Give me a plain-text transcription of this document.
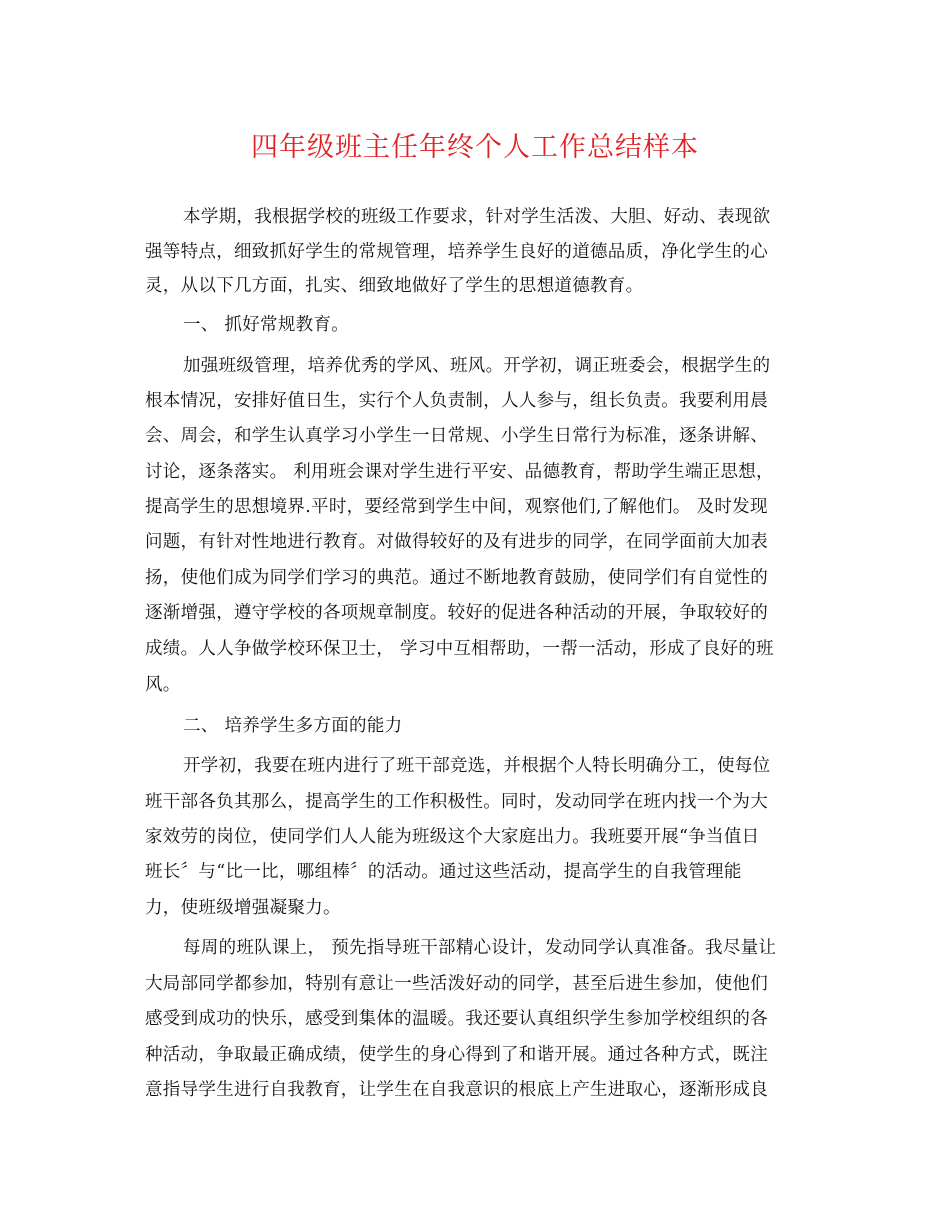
四年级班主任年终个人工作总结样本
本学期，我根据学校的班级工作要求，针对学生活泼、大胆、好动、表现欲
强等特点，细致抓好学生的常规管理，培养学生良好的道德品质，净化学生的心
灵，从以下几方面，扎实、细致地做好了学生的思想道德教育。
一、 抓好常规教育。
加强班级管理，培养优秀的学风、班风。开学初，调正班委会，根据学生的
根本情况，安排好值日生，实行个人负责制，人人参与，组长负责。我要利用晨
会、周会，和学生认真学习小学生一日常规、小学生日常行为标准，逐条讲解、
讨论，逐条落实。 利用班会课对学生进行平安、品德教育，帮助学生端正思想，
提高学生的思想境界.平时，要经常到学生中间，观察他们,了解他们。 及时发现
问题，有针对性地进行教育。对做得较好的及有进步的同学，在同学面前大加表
扬，使他们成为同学们学习的典范。通过不断地教育鼓励，使同学们有自觉性的
逐渐增强，遵守学校的各项规章制度。较好的促进各种活动的开展，争取较好的
成绩。人人争做学校环保卫士， 学习中互相帮助，一帮一活动，形成了良好的班
风。
二、 培养学生多方面的能力
开学初，我要在班内进行了班干部竞选，并根据个人特长明确分工，使每位
班干部各负其那么，提高学生的工作积极性。同时，发动同学在班内找一个为大
家效劳的岗位，使同学们人人能为班级这个大家庭出力。我班要开展“争当值日
班长〞与“比一比，哪组棒〞的活动。通过这些活动，提高学生的自我管理能
力，使班级增强凝聚力。
每周的班队课上， 预先指导班干部精心设计，发动同学认真准备。我尽量让
大局部同学都参加，特别有意让一些活泼好动的同学，甚至后进生参加，使他们
感受到成功的快乐，感受到集体的温暖。我还要认真组织学生参加学校组织的各
种活动，争取最正确成绩，使学生的身心得到了和谐开展。通过各种方式，既注
意指导学生进行自我教育，让学生在自我意识的根底上产生进取心，逐渐形成良
